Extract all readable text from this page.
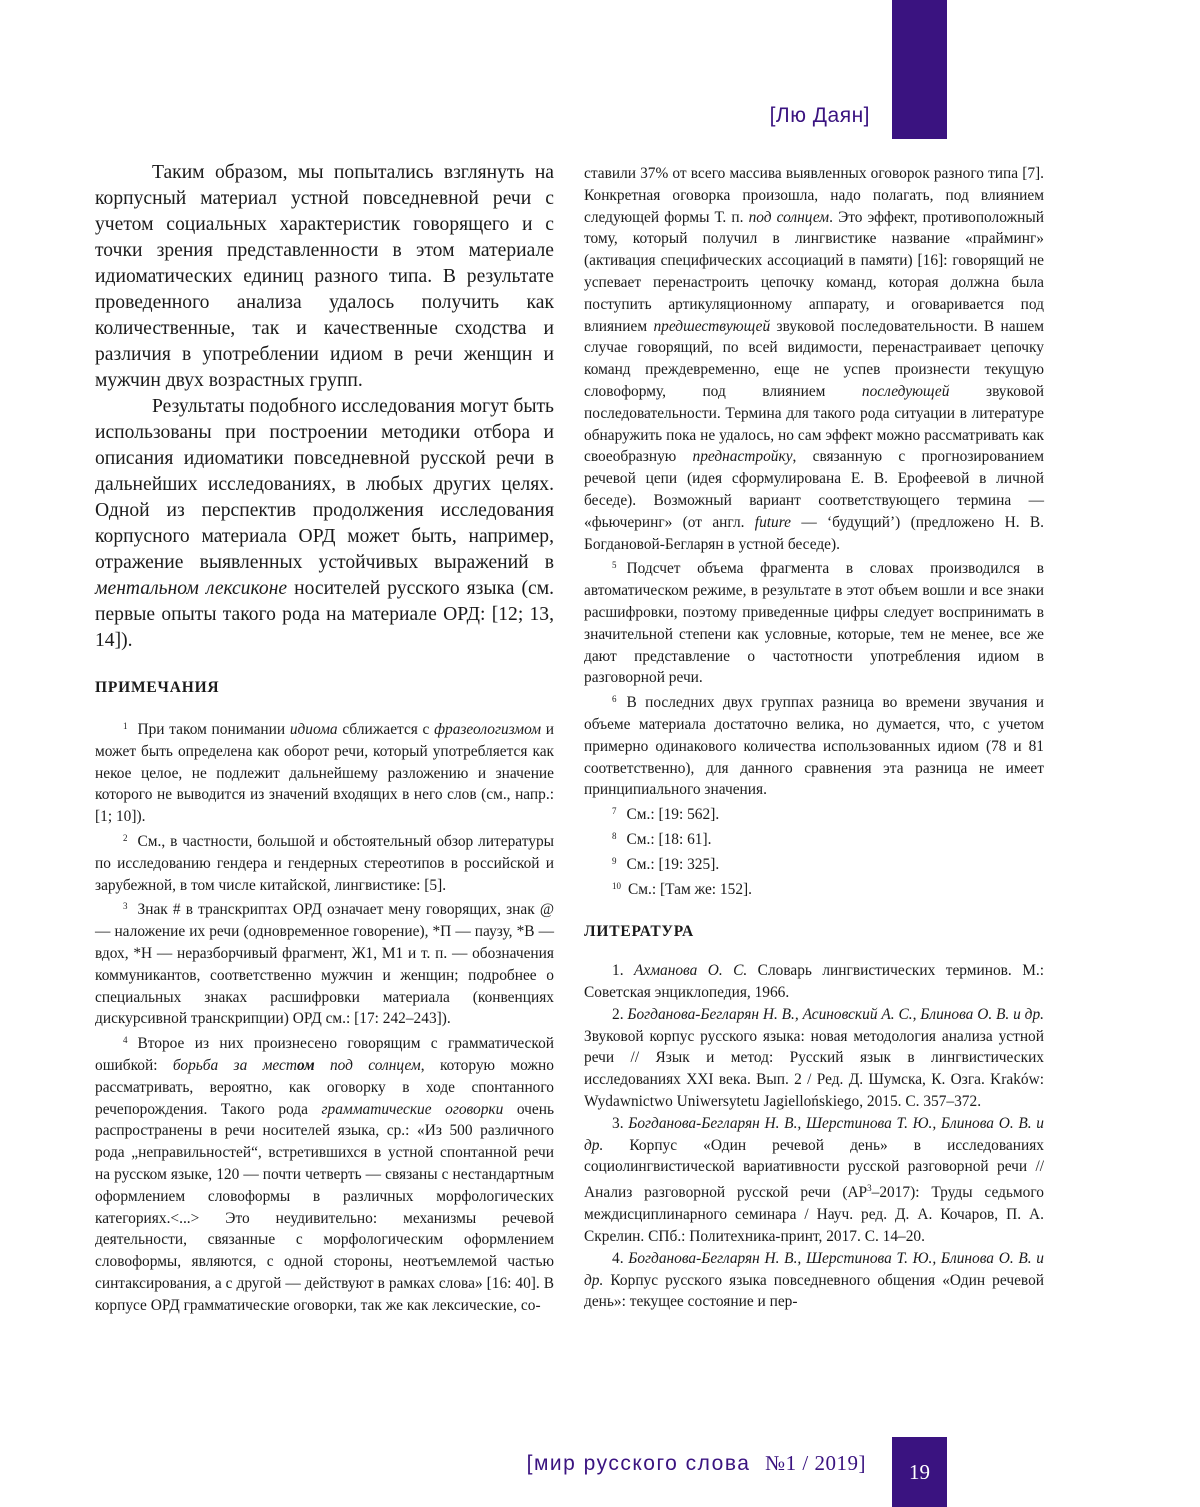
[Лю Даян]

Таким образом, мы попытались взглянуть на корпусный материал устной повседневной речи с учетом социальных характеристик говорящего и с точки зрения представленности в этом материале идиоматических единиц разного типа. В результате проведенного анализа удалось получить как количественные, так и качественные сходства и различия в употреблении идиом в речи женщин и мужчин двух возрастных групп.

Результаты подобного исследования могут быть использованы при построении методики отбора и описания идиоматики повседневной русской речи в дальнейших исследованиях, в любых других целях. Одной из перспектив продолжения исследования корпусного материала ОРД может быть, например, отражение выявленных устойчивых выражений в ментальном лексиконе носителей русского языка (см. первые опыты такого рода на материале ОРД: [12; 13, 14]).

ПРИМЕЧАНИЯ

$^1$ При таком понимании идиома сближается с фразеологизмом и может быть определена как оборот речи, который употребляется как некое целое, не подлежит дальнейшему разложению и значение которого не выводится из значений входящих в него слов (см., напр.: [1; 10]).

$^2$ См., в частности, большой и обстоятельный обзор литературы по исследованию гендера и гендерных стереотипов в российской и зарубежной, в том числе китайской, лингвистике: [5].

$^3$ Знак # в транскриптах ОРД означает мену говорящих, знак @ — наложение их речи (одновременное говорение), *П — паузу, *В — вдох, *Н — неразборчивый фрагмент, Ж1, М1 и т. п. — обозначения коммуникантов, соответственно мужчин и женщин; подробнее о специальных знаках расшифровки материала (конвенциях дискурсивной транскрипции) ОРД см.: [17: 242–243]).

$^4$ Второе из них произнесено говорящим с грамматической ошибкой: борьба за местом под солнцем, которую можно рассматривать, вероятно, как оговорку в ходе спонтанного речепорождения. Такого рода грамматические оговорки очень распространены в речи носителей языка, ср.: «Из 500 различного рода „неправильностей“, встретившихся в устной спонтанной речи на русском языке, 120 — почти четверть — связаны с нестандартным оформлением словоформы в различных морфологических категориях.<...> Это неудивительно: механизмы речевой деятельности, связанные с морфологическим оформлением словоформы, являются, с одной стороны, неотъемлемой частью синтаксирования, а с другой — действуют в рамках слова» [16: 40]. В корпусе ОРД грамматические оговорки, так же как лексические, со-

ставили 37% от всего массива выявленных оговорок разного типа [7]. Конкретная оговорка произошла, надо полагать, под влиянием следующей формы Т. п. под солнцем. Это эффект, противоположный тому, который получил в лингвистике название «прайминг» (активация специфических ассоциаций в памяти) [16]: говорящий не успевает перенастроить цепочку команд, которая должна была поступить артикуляционному аппарату, и оговаривается под влиянием предшествующей звуковой последовательности. В нашем случае говорящий, по всей видимости, перенастраивает цепочку команд преждевременно, еще не успев произнести текущую словоформу, под влиянием последующей звуковой последовательности. Термина для такого рода ситуации в литературе обнаружить пока не удалось, но сам эффект можно рассматривать как своеобразную преднастройку, связанную с прогнозированием речевой цепи (идея сформулирована Е. В. Ерофеевой в личной беседе). Возможный вариант соответствующего термина — «фьючеринг» (от англ. future — ‘будущий’) (предложено Н. В. Богдановой-Бегларян в устной беседе).

$^5$ Подсчет объема фрагмента в словах производился в автоматическом режиме, в результате в этот объем вошли и все знаки расшифровки, поэтому приведенные цифры следует воспринимать в значительной степени как условные, которые, тем не менее, все же дают представление о частотности употребления идиом в разговорной речи.

$^6$ В последних двух группах разница во времени звучания и объеме материала достаточно велика, но думается, что, с учетом примерно одинакового количества использованных идиом (78 и 81 соответственно), для данного сравнения эта разница не имеет принципиального значения.

$^7$ См.: [19: 562].

$^8$ См.: [18: 61].

$^9$ См.: [19: 325].

$^{10}$ См.: [Там же: 152].

ЛИТЕРАТУРА

1. Ахманова О. С. Словарь лингвистических терминов. М.: Советская энциклопедия, 1966.

2. Богданова-Бегларян Н. В., Асиновский А. С., Блинова О. В. и др. Звуковой корпус русского языка: новая методология анализа устной речи // Язык и метод: Русский язык в лингвистических исследованиях XXI века. Вып. 2 / Ред. Д. Шумска, К. Озга. Kraków: Wydawnictwo Uniwersytetu Jagiellońskiego, 2015. С. 357–372.

3. Богданова-Бегларян Н. В., Шерстинова Т. Ю., Блинова О. В. и др. Корпус «Один речевой день» в исследованиях социолингвистической вариативности русской разговорной речи // Анализ разговорной русской речи $(АР^3-2017)$: Труды седьмого междисциплинарного семинара / Науч. ред. Д. А. Кочаров, П. А. Скрелин. СПб.: Политехника-принт, 2017. С. 14–20.

4. Богданова-Бегларян Н. В., Шерстинова Т. Ю., Блинова О. В. и др. Корпус русского языка повседневного общения «Один речевой день»: текущее состояние и пер-

[мир русского слова №1 / 2019]	19
